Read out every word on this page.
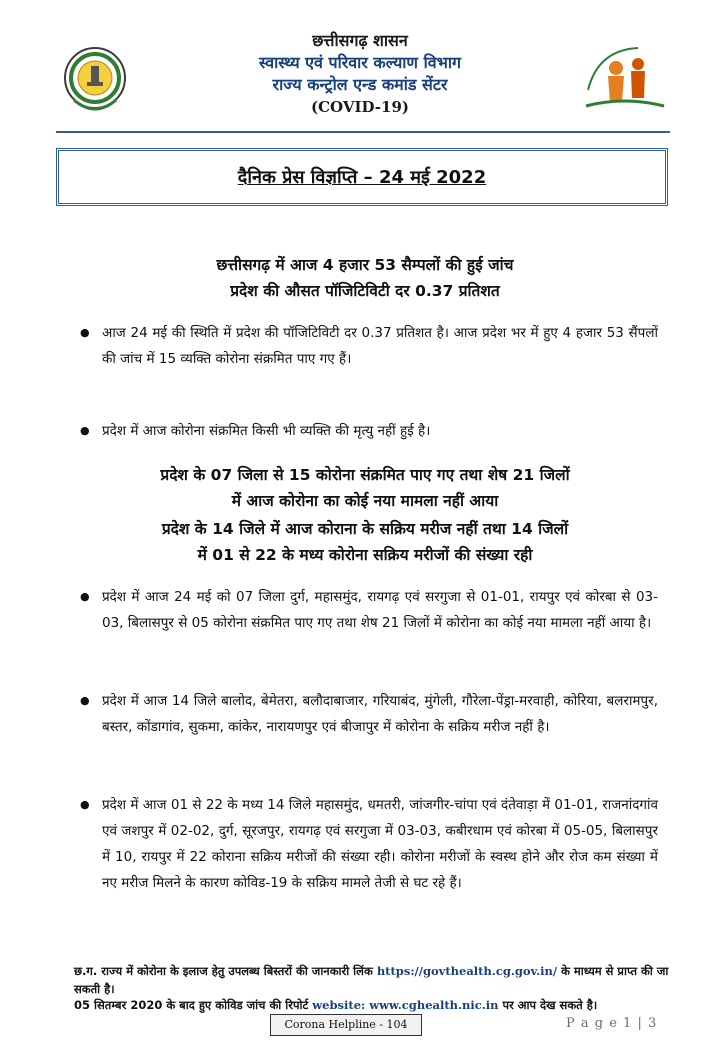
छत्तीसगढ़ शासन
स्वास्थ्य एवं परिवार कल्याण विभाग
राज्य कन्ट्रोल एन्ड कमांड सेंटर
(COVID-19)
दैनिक प्रेस विज्ञप्ति – 24 मई 2022
छत्तीसगढ़ में आज 4 हजार 53 सैम्पलों की हुई जांच
प्रदेश की औसत पॉजिटिविटी दर 0.37 प्रतिशत
● आज 24 मई की स्थिति में प्रदेश की पॉजिटिविटी दर 0.37 प्रतिशत है। आज प्रदेश भर में हुए 4 हजार 53 सैंपलों की जांच में 15 व्यक्ति कोरोना संक्रमित पाए गए हैं।
● प्रदेश में आज कोरोना संक्रमित किसी भी व्यक्ति की मृत्यु नहीं हुई है।
प्रदेश के 07 जिला से 15 कोरोना संक्रमित पाए गए तथा शेष 21 जिलों
में आज कोरोना का कोई नया मामला नहीं आया
प्रदेश के 14 जिले में आज कोराना के सक्रिय मरीज नहीं तथा 14 जिलों
में 01 से 22 के मध्य कोरोना सक्रिय मरीजों की संख्या रही
● प्रदेश में आज 24 मई को 07 जिला दुर्ग, महासमुंद, रायगढ़ एवं सरगुजा से 01-01, रायपुर एवं कोरबा से 03-03, बिलासपुर से 05 कोरोना संक्रमित पाए गए तथा शेष 21 जिलों में कोरोना का कोई नया मामला नहीं आया है।
● प्रदेश में आज 14 जिले बालोद, बेमेतरा, बलौदाबाजार, गरियाबंद, मुंगेली, गौरेला-पेंड्रा-मरवाही, कोरिया, बलरामपुर, बस्तर, कोंडागांव, सुकमा, कांकेर, नारायणपुर एवं बीजापुर में कोरोना के सक्रिय मरीज नहीं है।
● प्रदेश में आज 01 से 22 के मध्य 14 जिले महासमुंद, धमतरी, जांजगीर-चांपा एवं दंतेवाड़ा में 01-01, राजनांदगांव एवं जशपुर में 02-02, दुर्ग, सूरजपुर, रायगढ़ एवं सरगुजा में 03-03, कबीरधाम एवं कोरबा में 05-05, बिलासपुर में 10, रायपुर में 22 कोराना सक्रिय मरीजों की संख्या रही। कोरोना मरीजों के स्वस्थ होने और रोज कम संख्या में नए मरीज मिलने के कारण कोविड-19 के सक्रिय मामले तेजी से घट रहे हैं।
छ.ग. राज्य में कोरोना के इलाज हेतु उपलब्ध बिस्तरों की जानकारी लिंक https://govthealth.cg.gov.in/ के माध्यम से प्राप्त की जा सकती है।
05 सितम्बर 2020 के बाद हुए कोविड जांच की रिपोर्ट website: www.cghealth.nic.in पर आप देख सकते है।
Corona Helpline - 104	P a g e 1 | 3
